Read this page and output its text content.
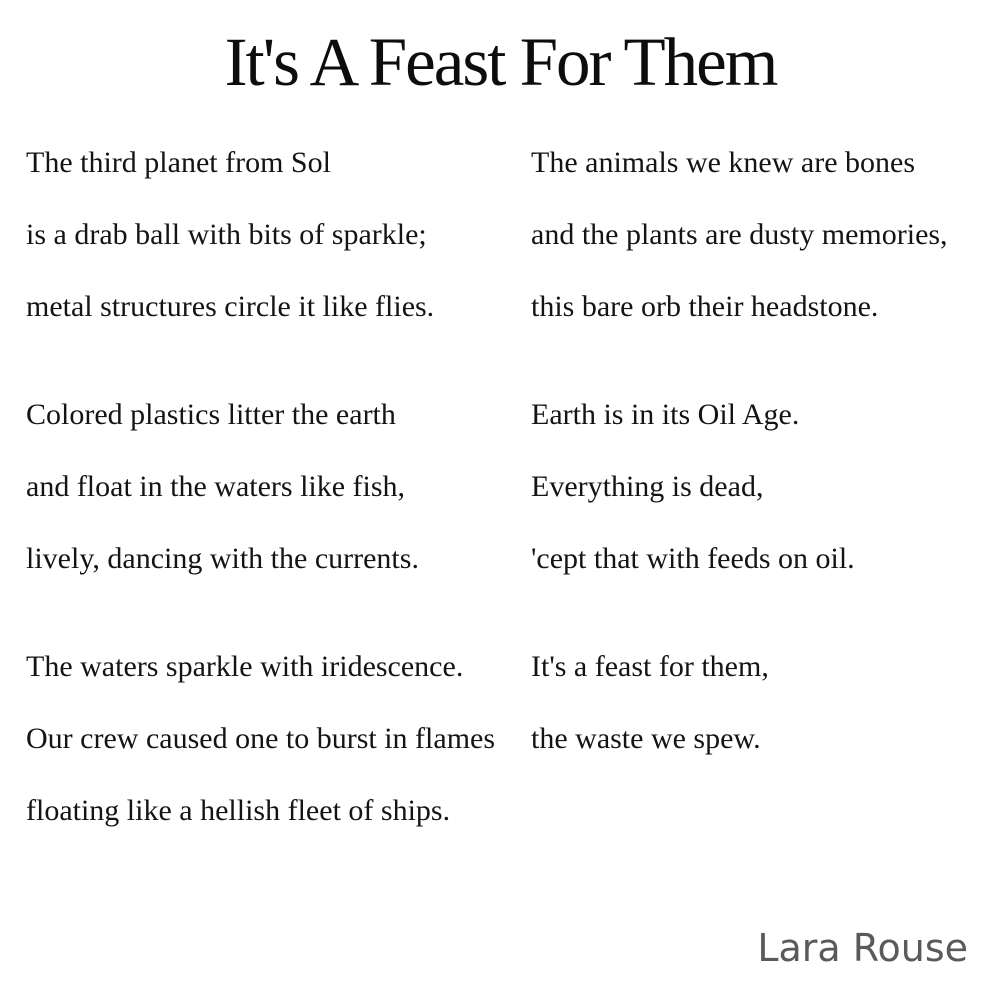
It's A Feast For Them
The third planet from Sol
is a drab ball with bits of sparkle;
metal structures circle it like flies.
Colored plastics litter the earth
and float in the waters like fish,
lively, dancing with the currents.
The waters sparkle with iridescence.
Our crew caused one to burst in flames
floating like a hellish fleet of ships.
The animals we knew are bones
and the plants are dusty memories,
this bare orb their headstone.
Earth is in its Oil Age.
Everything is dead,
'cept that with feeds on oil.
It's a feast for them,
the waste we spew.
Lara Rouse
